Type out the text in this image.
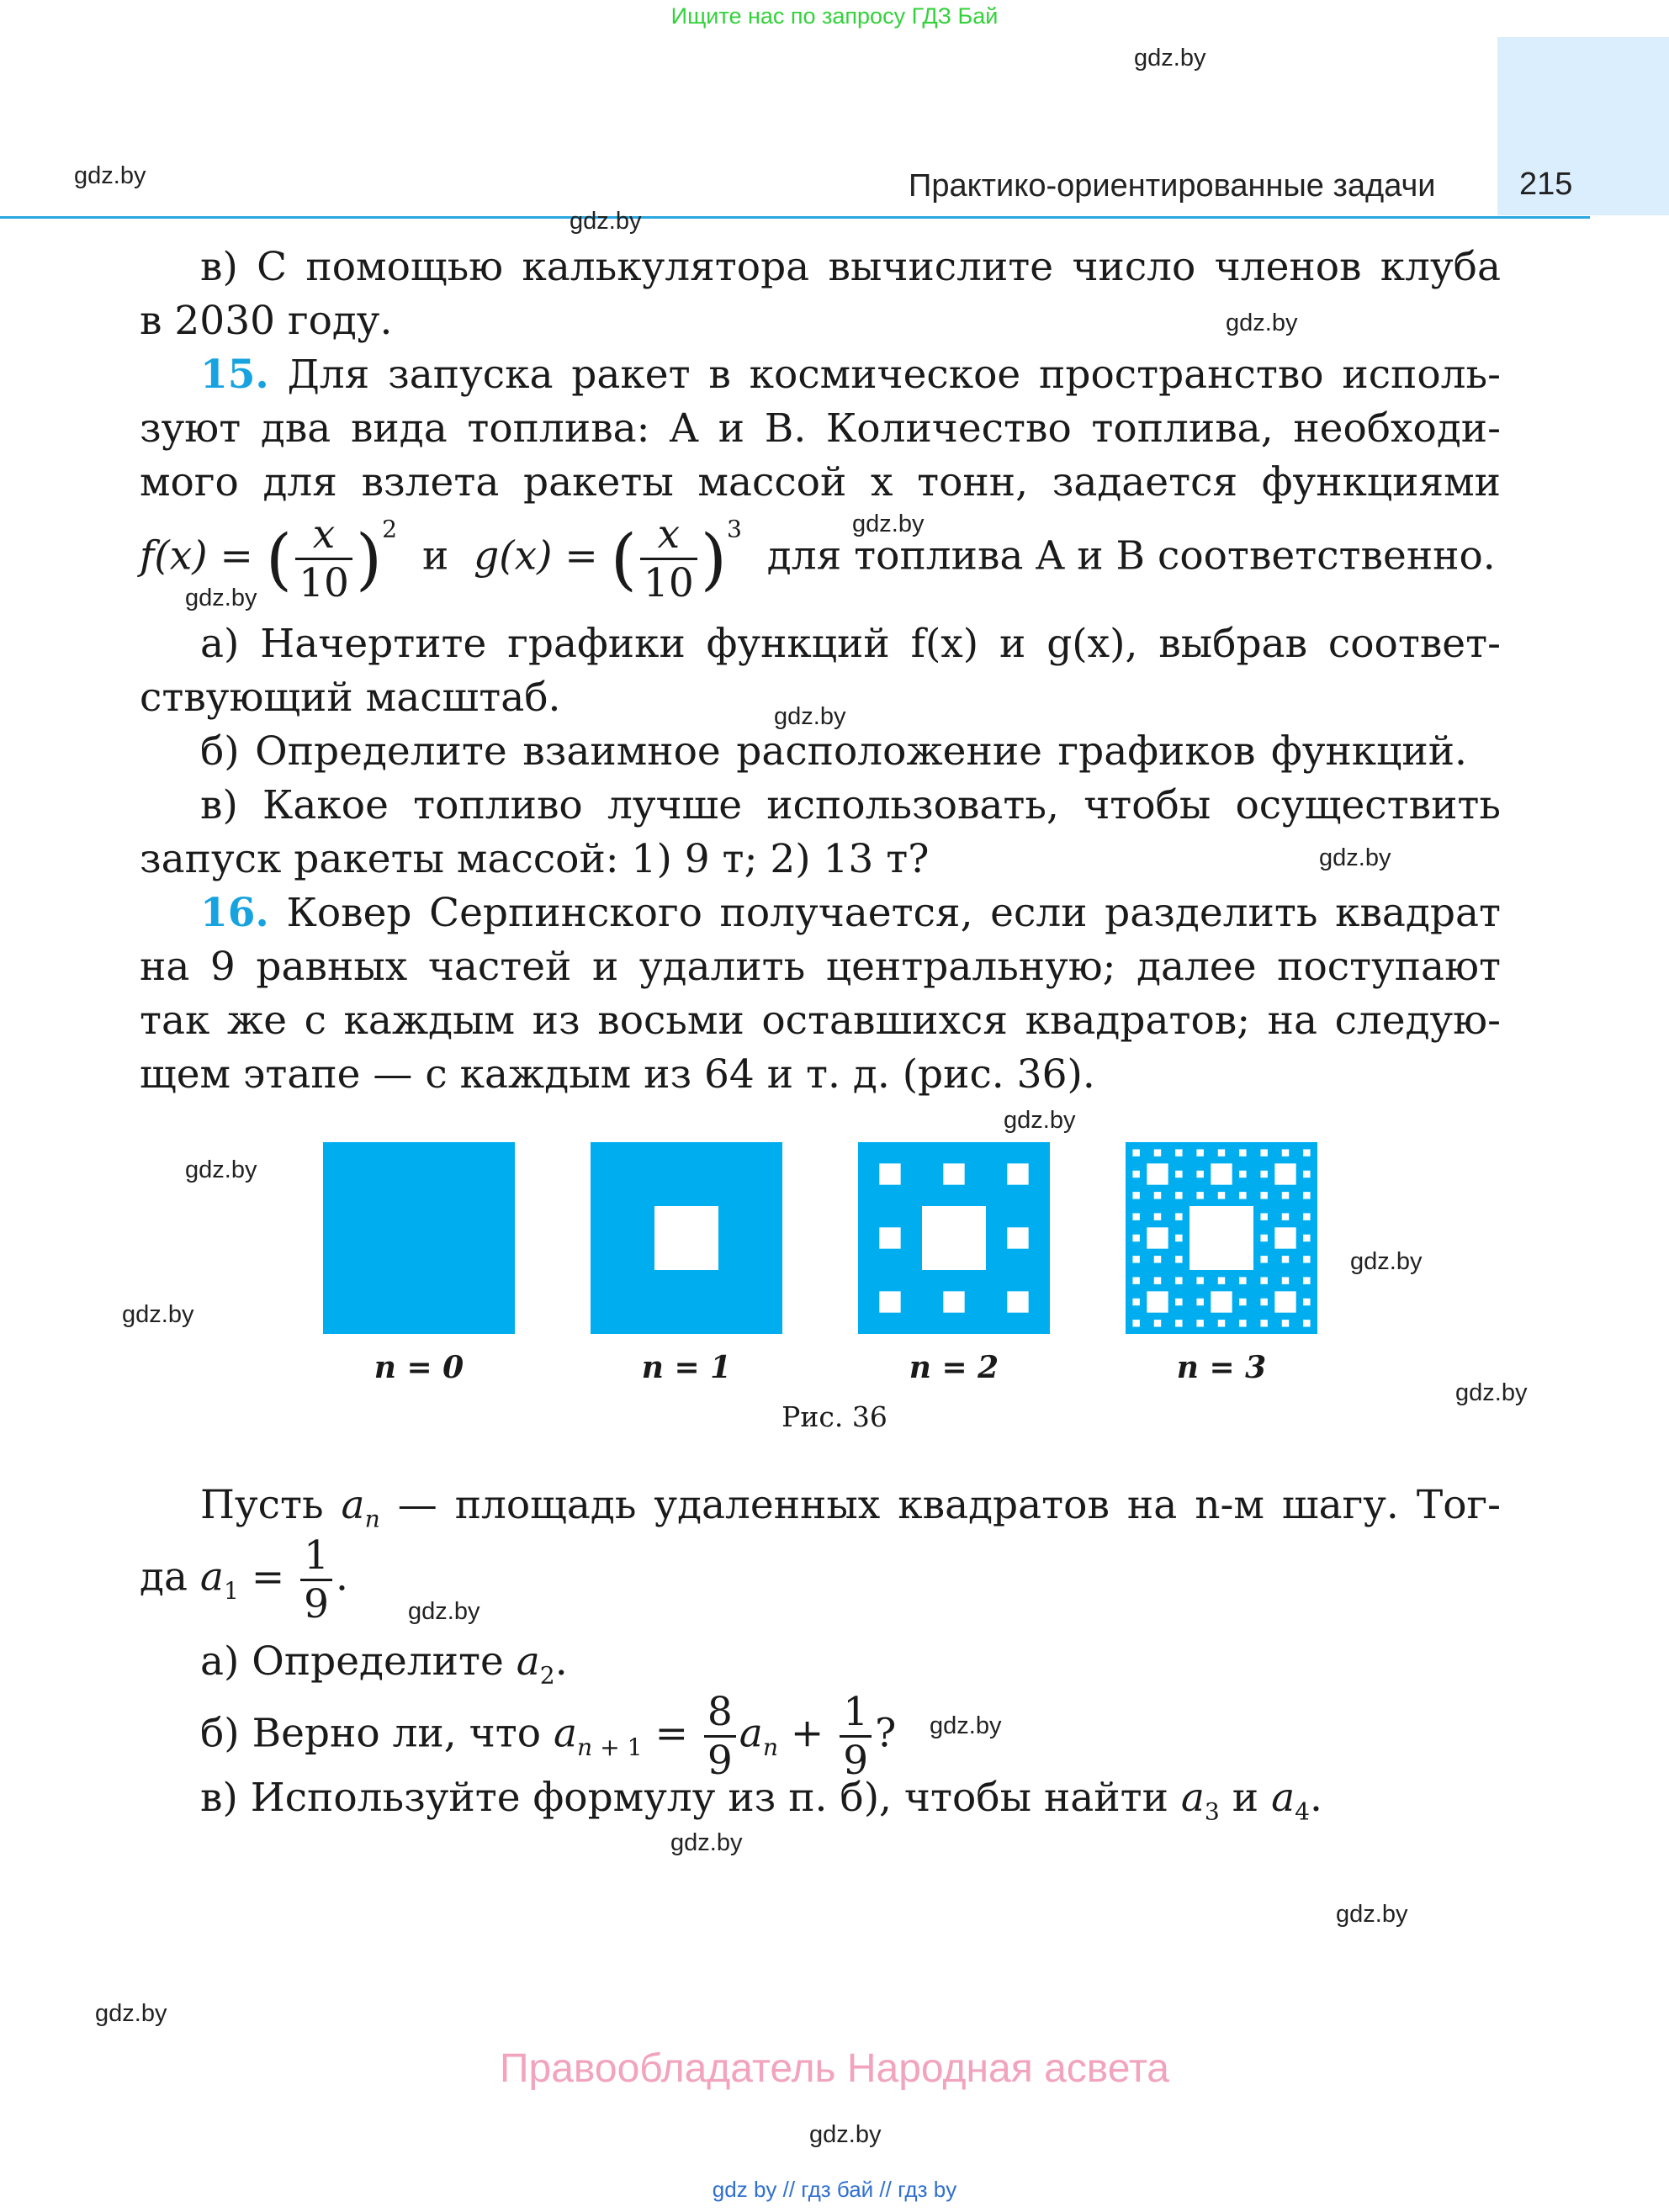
Ищите нас по запросу ГДЗ Бай
Практико-ориентированные задачи	215
gdz.by
gdz.by
gdz.by
gdz.by
gdz.by
gdz.by
gdz.by
gdz.by
gdz.by
gdz.by
gdz.by
gdz.by
gdz.by
gdz.by
gdz.by
gdz.by
gdz.by
gdz.by
gdz.by
в) С помощью калькулятора вычислите число членов клуба
в 2030 году.
15. Для запуска ракет в космическое пространство исполь-
зуют два вида топлива: A и B. Количество топлива, необходи-
мого для взлета ракеты массой x тонн, задается функциями
f(x) = ( $\frac{x}{10} )^2$  и g(x) = ( $\frac{x}{10} )^3$  для топлива A и B соответственно.
а) Начертите графики функций f(x) и g(x), выбрав соответ-
ствующий масштаб.
б) Определите взаимное расположение графиков функций.
в) Какое топливо лучше использовать, чтобы осуществить
запуск ракеты массой: 1) 9 т; 2) 13 т?
16. Ковер Серпинского получается, если разделить квадрат
на 9 равных частей и удалить центральную; далее поступают
так же с каждым из восьми оставшихся квадратов; на следую-
щем этапе — с каждым из 64 и т. д. (рис. 36).
n = 0	n = 1	n = 2	n = 3
Рис. 36
Пусть $a_n$ — площадь удаленных квадратов на n-м шагу. Тог-
да $a_1 = \frac{1}{9}$ .
а) Определите $a_2$.
б) Верно ли, что $a_{n + 1} = \frac{8}{9} a_n + \frac{1}{9}$ ?
в) Используйте формулу из п. б), чтобы найти $a_3$ и $a_4$.
Правообладатель Народная асвета
gdz by // гдз бай // гдз by
